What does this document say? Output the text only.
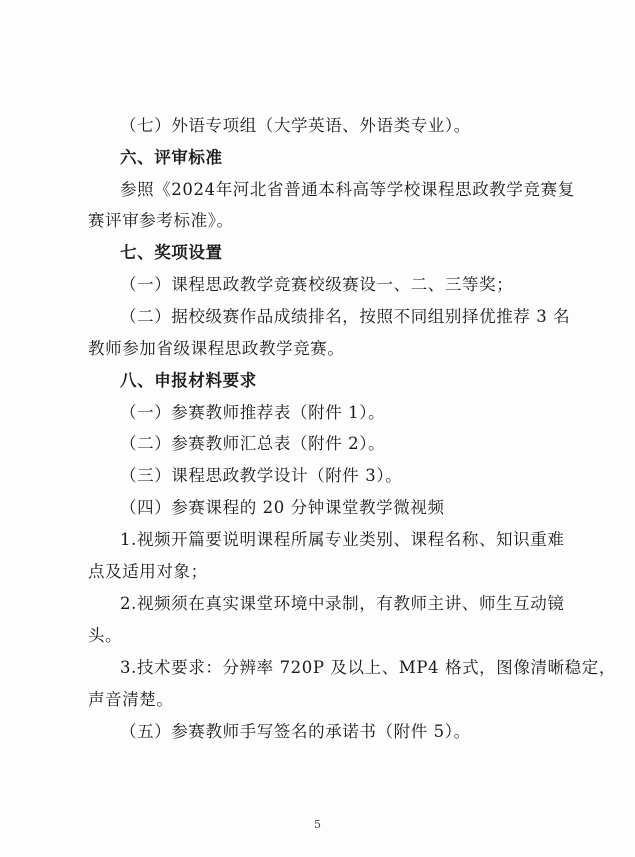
（七）外语专项组（大学英语、外语类专业）。
六、评审标准
参照《2024年河北省普通本科高等学校课程思政教学竞赛复
赛评审参考标准》。
七、奖项设置
（一）课程思政教学竞赛校级赛设一、二、三等奖；
（二）据校级赛作品成绩排名，按照不同组别择优推荐 3 名
教师参加省级课程思政教学竞赛。
八、申报材料要求
（一）参赛教师推荐表（附件 1）。
（二）参赛教师汇总表（附件 2）。
（三）课程思政教学设计（附件 3）。
（四）参赛课程的 20 分钟课堂教学微视频
1.视频开篇要说明课程所属专业类别、课程名称、知识重难
点及适用对象；
2.视频须在真实课堂环境中录制，有教师主讲、师生互动镜
头。
3.技术要求：分辨率 720P 及以上、MP4 格式，图像清晰稳定，
声音清楚。
（五）参赛教师手写签名的承诺书（附件 5）。
5
